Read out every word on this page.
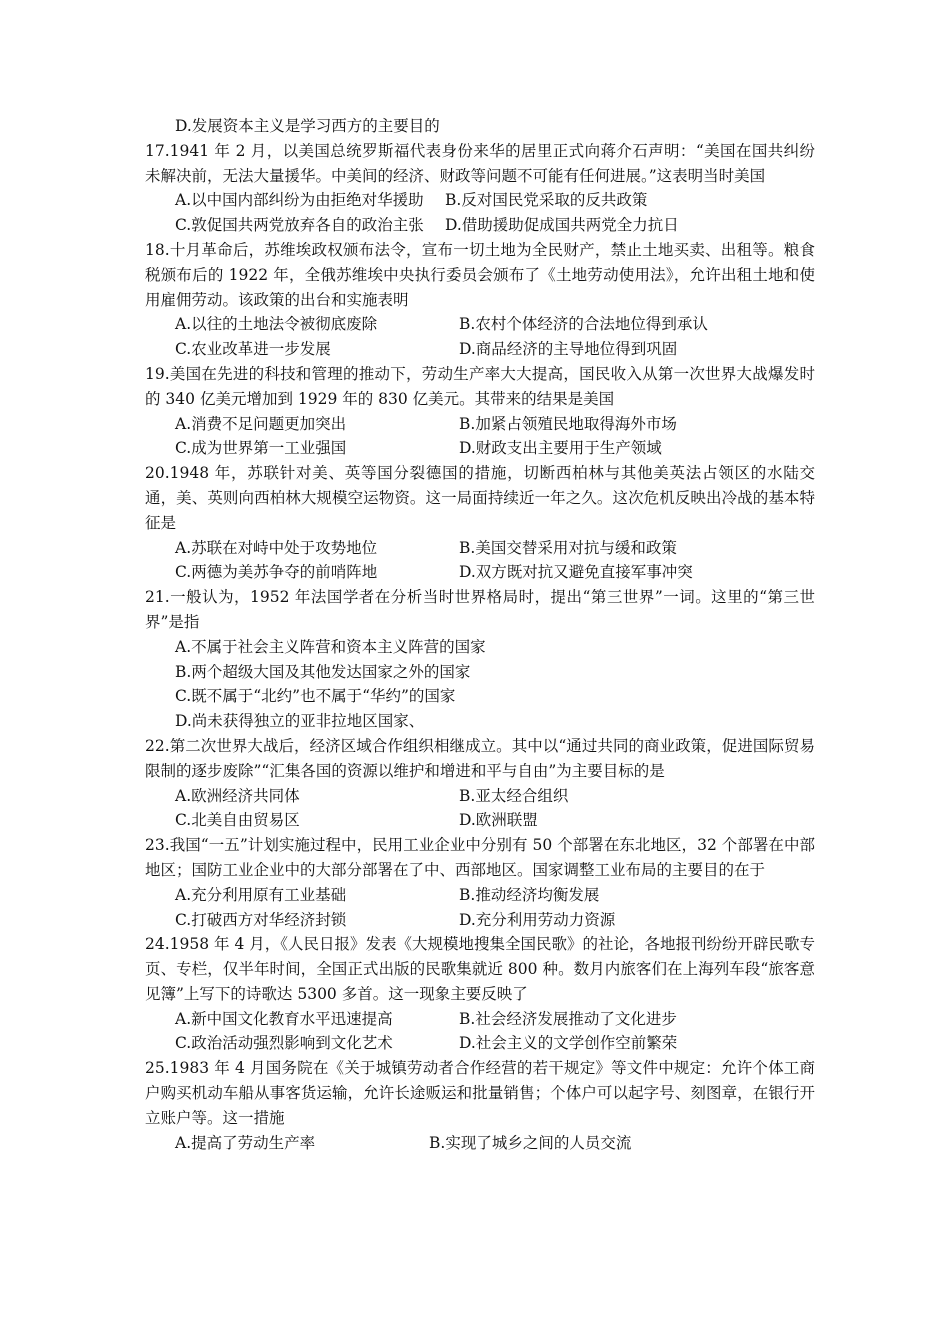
D.发展资本主义是学习西方的主要目的

17.1941 年 2 月，以美国总统罗斯福代表身份来华的居里正式向蒋介石声明：“美国在国共纠纷未解决前，无法大量援华。中美间的经济、财政等问题不可能有任何进展。”这表明当时美国

A.以中国内部纠纷为由拒绝对华援助	B.反对国民党采取的反共政策
C.敦促国共两党放弃各自的政治主张	D.借助援助促成国共两党全力抗日

18.十月革命后，苏维埃政权颁布法令，宣布一切土地为全民财产，禁止土地买卖、出租等。粮食税颁布后的 1922 年，全俄苏维埃中央执行委员会颁布了《土地劳动使用法》，允许出租土地和使用雇佣劳动。该政策的出台和实施表明

A.以往的土地法令被彻底废除	B.农村个体经济的合法地位得到承认
C.农业改革进一步发展	D.商品经济的主导地位得到巩固

19.美国在先进的科技和管理的推动下，劳动生产率大大提高，国民收入从第一次世界大战爆发时的 340 亿美元增加到 1929 年的 830 亿美元。其带来的结果是美国

A.消费不足问题更加突出	B.加紧占领殖民地取得海外市场
C.成为世界第一工业强国	D.财政支出主要用于生产领域

20.1948 年，苏联针对美、英等国分裂德国的措施，切断西柏林与其他美英法占领区的水陆交通，美、英则向西柏林大规模空运物资。这一局面持续近一年之久。这次危机反映出冷战的基本特征是

A.苏联在对峙中处于攻势地位	B.美国交替采用对抗与缓和政策
C.两德为美苏争夺的前哨阵地	D.双方既对抗又避免直接军事冲突

21.一般认为，1952 年法国学者在分析当时世界格局时，提出“第三世界”一词。这里的“第三世界”是指

A.不属于社会主义阵营和资本主义阵营的国家

B.两个超级大国及其他发达国家之外的国家

C.既不属于“北约”也不属于“华约”的国家

D.尚未获得独立的亚非拉地区国家、

22.第二次世界大战后，经济区域合作组织相继成立。其中以“通过共同的商业政策，促进国际贸易限制的逐步废除”“汇集各国的资源以维护和增进和平与自由”为主要目标的是

A.欧洲经济共同体	B.亚太经合组织
C.北美自由贸易区	D.欧洲联盟

23.我国“一五”计划实施过程中，民用工业企业中分别有 50 个部署在东北地区，32 个部署在中部地区；国防工业企业中的大部分部署在了中、西部地区。国家调整工业布局的主要目的在于

A.充分利用原有工业基础	B.推动经济均衡发展
C.打破西方对华经济封锁	D.充分利用劳动力资源

24.1958 年 4 月，《人民日报》发表《大规模地搜集全国民歌》的社论，各地报刊纷纷开辟民歌专页、专栏，仅半年时间，全国正式出版的民歌集就近 800 种。数月内旅客们在上海列车段“旅客意见簿”上写下的诗歌达 5300 多首。这一现象主要反映了

A.新中国文化教育水平迅速提高	B.社会经济发展推动了文化进步
C.政治活动强烈影响到文化艺术	D.社会主义的文学创作空前繁荣

25.1983 年 4 月国务院在《关于城镇劳动者合作经营的若干规定》等文件中规定：允许个体工商户购买机动车船从事客货运输，允许长途贩运和批量销售；个体户可以起字号、刻图章，在银行开立账户等。这一措施

A.提高了劳动生产率	B.实现了城乡之间的人员交流
